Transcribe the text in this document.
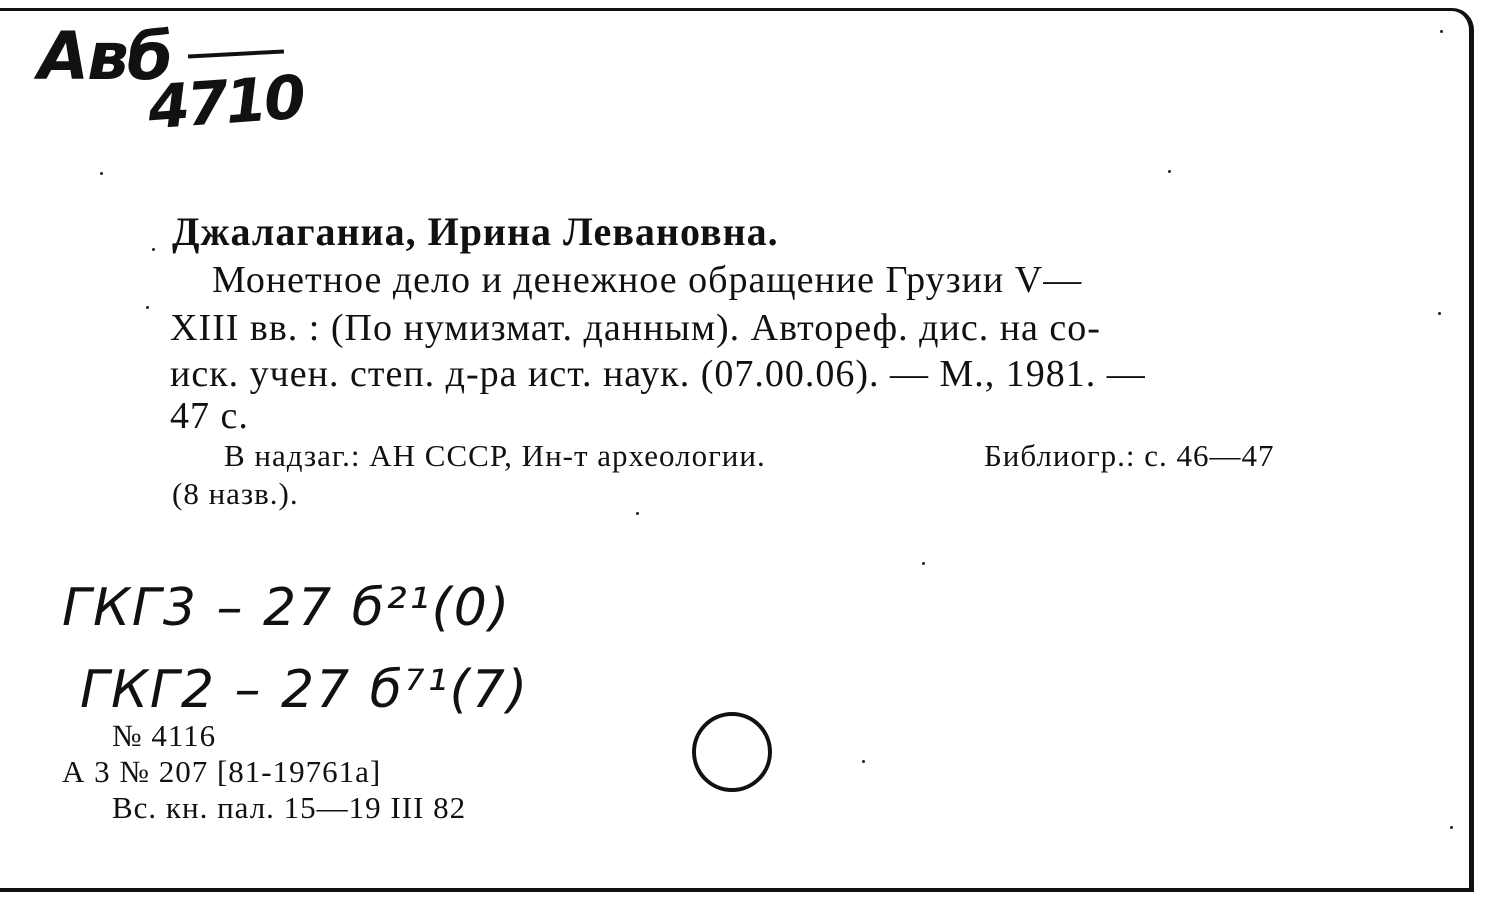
Авб
4710
Джалаганиа, Ирина Левановна.
Монетное дело и денежное обращение Грузии V—
XIII вв. : (По нумизмат. данным). Автореф. дис. на со-
иск. учен. степ. д-ра ист. наук. (07.00.06). — М., 1981. —
47 с.
В надзаг.: АН СССР, Ин-т археологии.	Библиогр.: с. 46—47
(8 назв.).
ГКГ3 – 27 б²¹(0)
ГКГ2 – 27 б⁷¹(7)
№ 4116
А 3 № 207 [81-19761а]
Вс. кн. пал. 15—19 III 82
